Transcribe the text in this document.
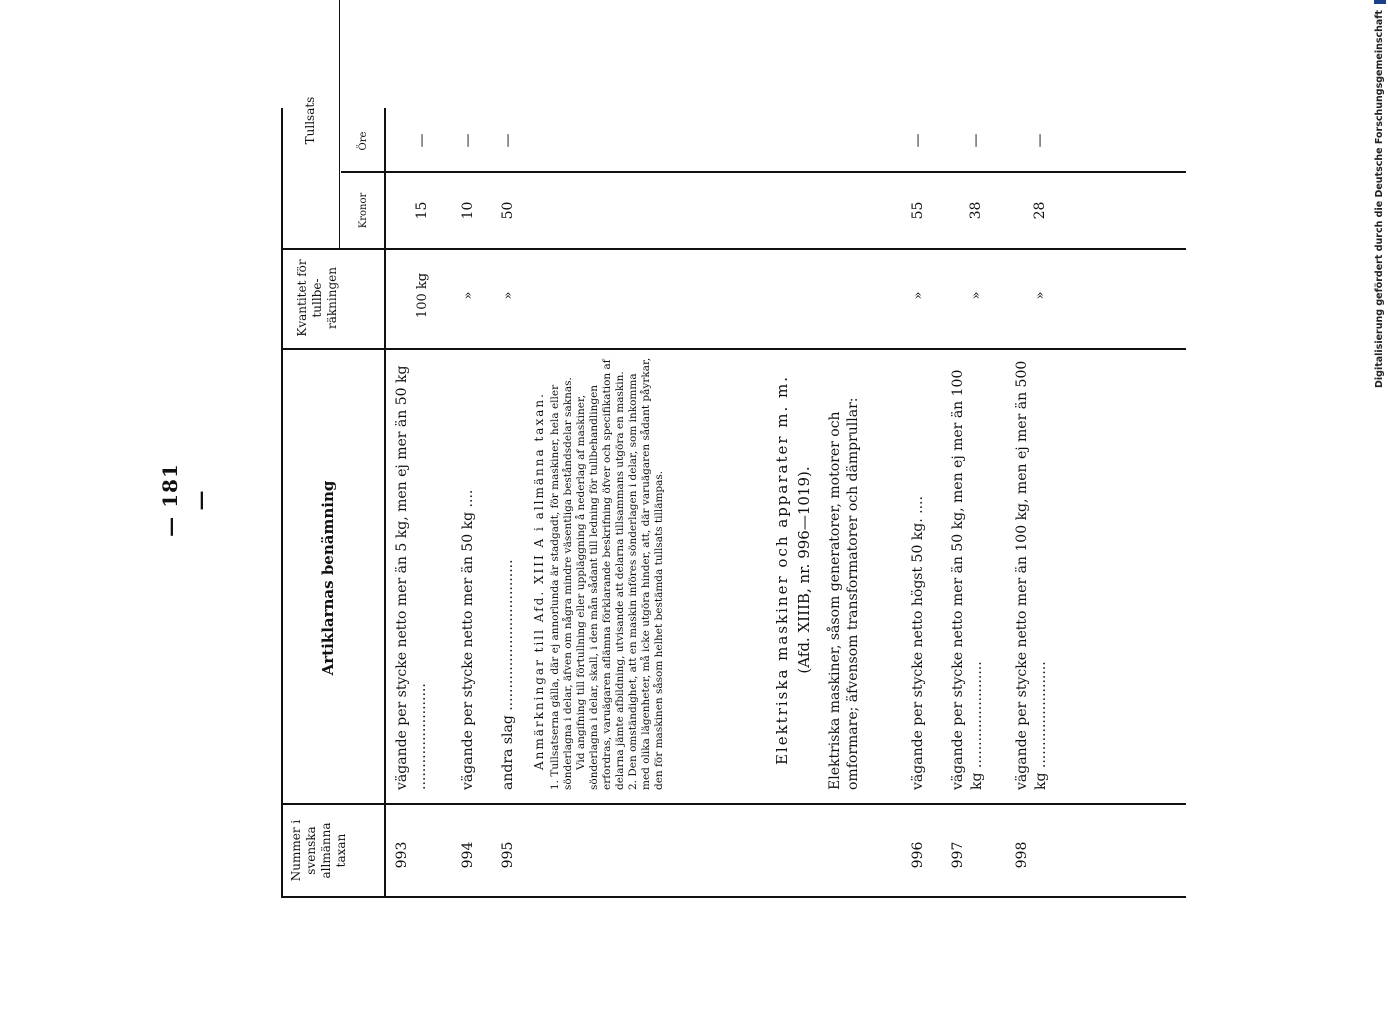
— 181 —
Digitalisierung gefördert durch die Deutsche Forschungsgemeinschaft
Nummer i svenska allmänna taxan
Artiklarnas benämning
Kvantitet för tullbe-räkningen
Tullsats
Kronor
Öre
993
vägande per stycke netto mer än 5 kg, men ej mer än 50 kg ........................
100 kg
15
—
994
vägande per stycke netto mer än 50 kg ....
»
10
—
995
andra slag ..................................
»
50
—
Anmärkningar till Afd. XIII A i allmänna taxan. 1. Tullsatserna gälla, där ej annorlunda är stadgadt, för maskiner, hela eller sönderlagna i delar, äfven om några mindre väsentliga beståndsdelar saknas. Vid angifning till förtullning eller uppläggning å nederlag af maskiner, sönderlagna i delar, skall, i den mån sådant till ledning för tullbehandlingen erfordras, varuägaren aflämna förklarande beskrifning öfver och specifikation af delarna jämte afbildning, utvisande att delarna tillsammans utgöra en maskin. 2. Den omständighet, att en maskin införes sönderlagen i delar, som inkomma med olika lägenheter, må icke utgöra hinder, att, där varuägaren sådant påyrkar, den för maskinen såsom helhet bestämda tullsats tillämpas.	Elektriska maskiner och apparater m. m. (Afd. XIIIB, nr. 996—1019). Elektriska maskiner, såsom generatorer, motorer och omformare; äfvensom transformatorer och dämprullar:
996
vägande per stycke netto högst 50 kg. ....
»
55
—
997
vägande per stycke netto mer än 50 kg, men ej mer än 100 kg ........................
»
38
—
998
vägande per stycke netto mer än 100 kg, men ej mer än 500 kg ........................
»
28
—
